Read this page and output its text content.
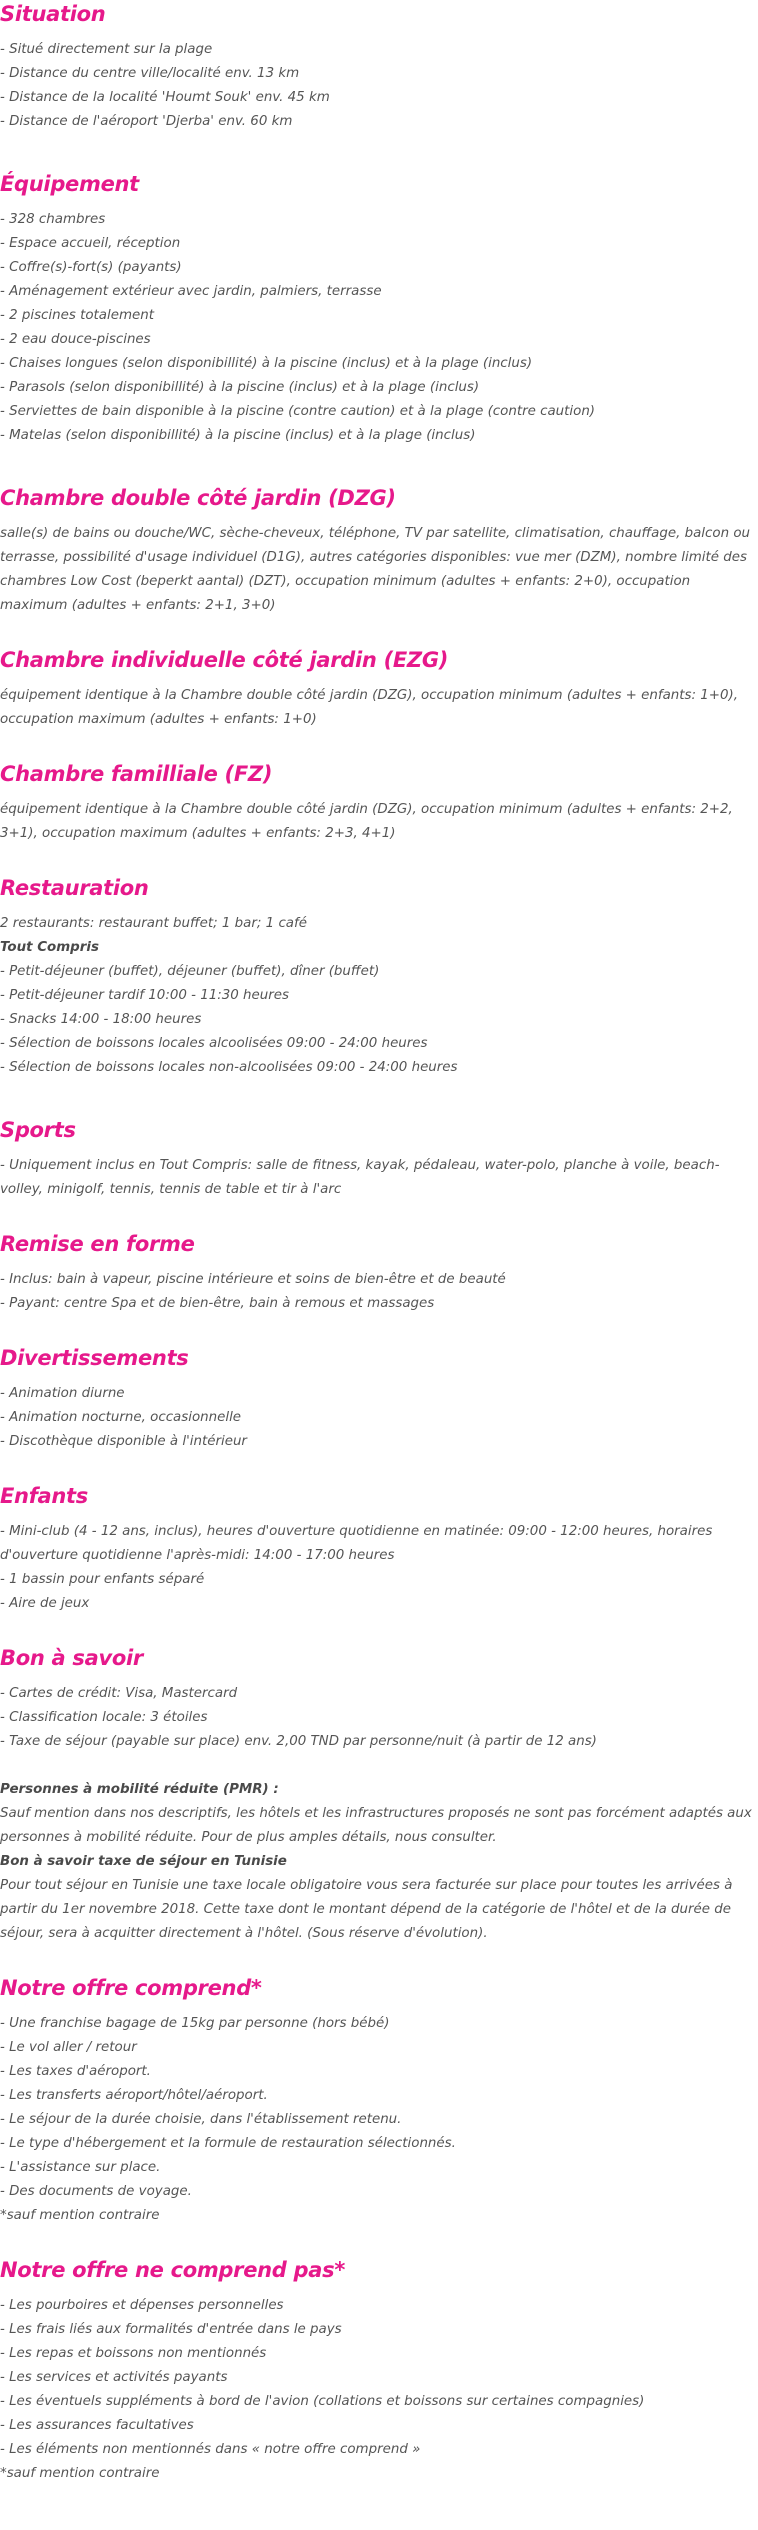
Situation

- Situé directement sur la plage

- Distance du centre ville/localité env. 13 km

- Distance de la localité 'Houmt Souk' env. 45 km

- Distance de l'aéroport 'Djerba' env. 60 km

Équipement

- 328 chambres

- Espace accueil, réception

- Coffre(s)-fort(s) (payants)

- Aménagement extérieur avec jardin, palmiers, terrasse

- 2 piscines totalement

- 2 eau douce-piscines

- Chaises longues (selon disponibillité) à la piscine (inclus) et à la plage (inclus)

- Parasols (selon disponibillité) à la piscine (inclus) et à la plage (inclus)

- Serviettes de bain disponible à la piscine (contre caution) et à la plage (contre caution)

- Matelas (selon disponibillité) à la piscine (inclus) et à la plage (inclus)

Chambre double côté jardin (DZG)

salle(s) de bains ou douche/WC, sèche-cheveux, téléphone, TV par satellite, climatisation, chauffage, balcon ou terrasse, possibilité d'usage individuel (D1G), autres catégories disponibles: vue mer (DZM), nombre limité des chambres Low Cost (beperkt aantal) (DZT), occupation minimum (adultes + enfants: 2+0), occupation maximum (adultes + enfants: 2+1, 3+0)

Chambre individuelle côté jardin (EZG)

équipement identique à la Chambre double côté jardin (DZG), occupation minimum (adultes + enfants: 1+0), occupation maximum (adultes + enfants: 1+0)

Chambre familliale (FZ)

équipement identique à la Chambre double côté jardin (DZG), occupation minimum (adultes + enfants: 2+2, 3+1), occupation maximum (adultes + enfants: 2+3, 4+1)

Restauration

2 restaurants: restaurant buffet; 1 bar; 1 café

Tout Compris

- Petit-déjeuner (buffet), déjeuner (buffet), dîner (buffet)

- Petit-déjeuner tardif 10:00 - 11:30 heures

- Snacks 14:00 - 18:00 heures

- Sélection de boissons locales alcoolisées 09:00 - 24:00 heures

- Sélection de boissons locales non-alcoolisées 09:00 - 24:00 heures

Sports

- Uniquement inclus en Tout Compris: salle de fitness, kayak, pédaleau, water-polo, planche à voile, beach-volley, minigolf, tennis, tennis de table et tir à l'arc

Remise en forme

- Inclus: bain à vapeur, piscine intérieure et soins de bien-être et de beauté

- Payant: centre Spa et de bien-être, bain à remous et massages

Divertissements

- Animation diurne

- Animation nocturne, occasionnelle

- Discothèque disponible à l'intérieur

Enfants

- Mini-club (4 - 12 ans, inclus), heures d'ouverture quotidienne en matinée: 09:00 - 12:00 heures, horaires d'ouverture quotidienne l'après-midi: 14:00 - 17:00 heures

- 1 bassin pour enfants séparé

- Aire de jeux

Bon à savoir

- Cartes de crédit: Visa, Mastercard

- Classification locale: 3 étoiles

- Taxe de séjour (payable sur place) env. 2,00 TND par personne/nuit (à partir de 12 ans)

Personnes à mobilité réduite (PMR) :

Sauf mention dans nos descriptifs, les hôtels et les infrastructures proposés ne sont pas forcément adaptés aux personnes à mobilité réduite. Pour de plus amples détails, nous consulter.

Bon à savoir taxe de séjour en Tunisie

Pour tout séjour en Tunisie une taxe locale obligatoire vous sera facturée sur place pour toutes les arrivées à partir du 1er novembre 2018. Cette taxe dont le montant dépend de la catégorie de l'hôtel et de la durée de séjour, sera à acquitter directement à l'hôtel. (Sous réserve d'évolution).

Notre offre comprend*

- Une franchise bagage de 15kg par personne (hors bébé)

- Le vol aller / retour

- Les taxes d'aéroport.

- Les transferts aéroport/hôtel/aéroport.

- Le séjour de la durée choisie, dans l'établissement retenu.

- Le type d'hébergement et la formule de restauration sélectionnés.

- L'assistance sur place.

- Des documents de voyage.

*sauf mention contraire

Notre offre ne comprend pas*

- Les pourboires et dépenses personnelles

- Les frais liés aux formalités d'entrée dans le pays

- Les repas et boissons non mentionnés

- Les services et activités payants

- Les éventuels suppléments à bord de l'avion (collations et boissons sur certaines compagnies)

- Les assurances facultatives

- Les éléments non mentionnés dans « notre offre comprend »

*sauf mention contraire
